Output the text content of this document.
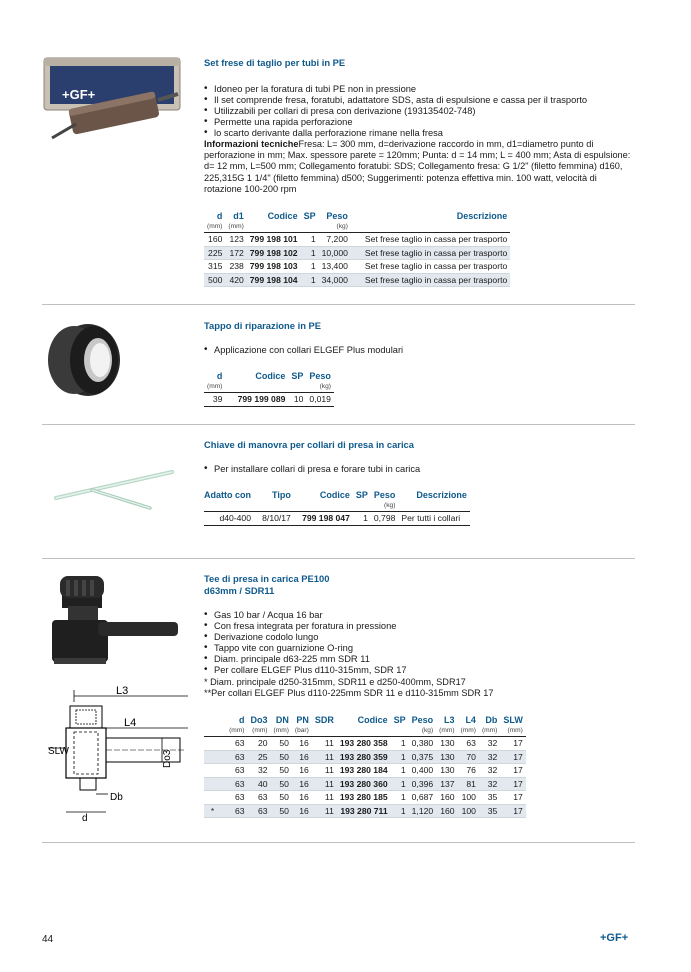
+GF+
Set frese di taglio per tubi in PE
• Idoneo per la foratura di tubi PE non in pressione
• Il set comprende fresa, foratubi, adattatore SDS, asta di espulsione e cassa per il trasporto
• Utilizzabili per collari di presa con derivazione (193135402-748)
• Permette una rapida perforazione
• lo scarto derivante dalla perforazione rimane nella fresa
Informazioni tecnicheFresa: L= 300 mm, d=derivazione raccordo in mm, d1=diametro punto di perforazione in mm; Max. spessore parete = 120mm; Punta: d = 14 mm; L = 400 mm; Asta di espulsione: d= 12 mm, L=500 mm; Collegamento foratubi: SDS; Collegamento fresa: G 1/2" (filetto femmina) d160, 225,315G 1 1/4" (filetto femmina) d500; Suggerimenti: potenza effettiva min. 100 watt, velocità di rotazione 100-200 rpm
d	d1	Codice	SP	Peso	Descrizione
(mm)	(mm)			(kg)	
160	123	799 198 101	1	7,200	Set frese taglio in cassa per trasporto
225	172	799 198 102	1	10,000	Set frese taglio in cassa per trasporto
315	238	799 198 103	1	13,400	Set frese taglio in cassa per trasporto
500	420	799 198 104	1	34,000	Set frese taglio in cassa per trasporto
Tappo di riparazione in PE
• Applicazione con collari ELGEF Plus modulari
d	Codice	SP	Peso
(mm)			(kg)
39	799 199 089	10	0,019
Chiave di manovra per collari di presa in carica
• Per installare collari di presa e forare tubi in carica
Adatto con	Tipo	Codice	SP	Peso	Descrizione
				(kg)	
d40-400	8/10/17	799 198 047	1	0,798	Per tutti i collari
L3
L4
SLW	Do3
Db
d
Tee di presa in carica PE100
d63mm / SDR11
• Gas 10 bar / Acqua 16 bar
• Con fresa integrata per foratura in pressione
• Derivazione codolo lungo
• Tappo vite con guarnizione O-ring
• Diam. principale d63-225 mm SDR 11
• Per collare ELGEF Plus d110-315mm, SDR 17
* Diam. principale d250-315mm, SDR11 e d250-400mm, SDR17
**Per collari ELGEF Plus d110-225mm SDR 11 e d110-315mm SDR 17
	d	Do3	DN	PN	SDR	Codice	SP	Peso	L3	L4	Db	SLW
	(mm)	(mm)	(mm)	(bar)				(kg)	(mm)	(mm)	(mm)	(mm)
	63	20	50	16	11	193 280 358	1	0,380	130	63	32	17
	63	25	50	16	11	193 280 359	1	0,375	130	70	32	17
	63	32	50	16	11	193 280 184	1	0,400	130	76	32	17
	63	40	50	16	11	193 280 360	1	0,396	137	81	32	17
	63	63	50	16	11	193 280 185	1	0,687	160	100	35	17
*	63	63	50	16	11	193 280 711	1	1,120	160	100	35	17
44	+GF+
